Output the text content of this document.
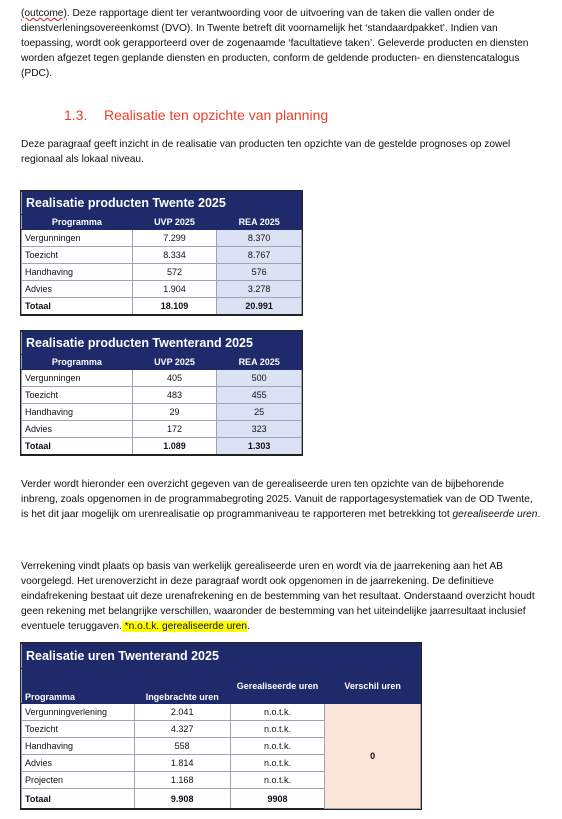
(outcome). Deze rapportage dient ter verantwoording voor de uitvoering van de taken die vallen onder de dienstverleningsovereenkomst (DVO). In Twente betreft dit voornamelijk het ‘standaardpakket’. Indien van toepassing, wordt ook gerapporteerd over de zogenaamde ‘facultatieve taken’. Geleverde producten en diensten worden afgezet tegen geplande diensten en producten, conform de geldende producten- en dienstencatalogus (PDC).

1.3. Realisatie ten opzichte van planning

Deze paragraaf geeft inzicht in de realisatie van producten ten opzichte van de gestelde prognoses op zowel regionaal als lokaal niveau.

Realisatie producten Twente 2025		
Programma	UVP 2025	REA 2025
Vergunningen	7.299	8.370
Toezicht	8.334	8.767
Handhaving	572	576
Advies	1.904	3.278
Totaal	18.109	20.991
Realisatie producten Twenterand 2025		
Programma	UVP 2025	REA 2025
Vergunningen	405	500
Toezicht	483	455
Handhaving	29	25
Advies	172	323
Totaal	1.089	1.303

Verder wordt hieronder een overzicht gegeven van de gerealiseerde uren ten opzichte van de bijbehorende inbreng, zoals opgenomen in de programmabegroting 2025. Vanuit de rapportagesystematiek van de OD Twente, is het dit jaar mogelijk om urenrealisatie op programmaniveau te rapporteren met betrekking tot gerealiseerde uren.

Verrekening vindt plaats op basis van werkelijk gerealiseerde uren en wordt via de jaarrekening aan het AB voorgelegd. Het urenoverzicht in deze paragraaf wordt ook opgenomen in de jaarrekening. De definitieve eindafrekening bestaat uit deze urenafrekening en de bestemming van het resultaat. Onderstaand overzicht houdt geen rekening met belangrijke verschillen, waaronder de bestemming van het uiteindelijke jaarresultaat inclusief eventuele teruggaven. *n.o.t.k. gerealiseerde uren.

Realisatie uren Twenterand 2025			
Programma	Ingebrachte uren	Gerealiseerde uren	Verschil uren
Vergunningverlening	2.041	n.o.t.k.	0
Toezicht	4.327	n.o.t.k.	
Handhaving	558	n.o.t.k.	
Advies	1.814	n.o.t.k.	
Projecten	1.168	n.o.t.k.	
Totaal	9.908	9908	
